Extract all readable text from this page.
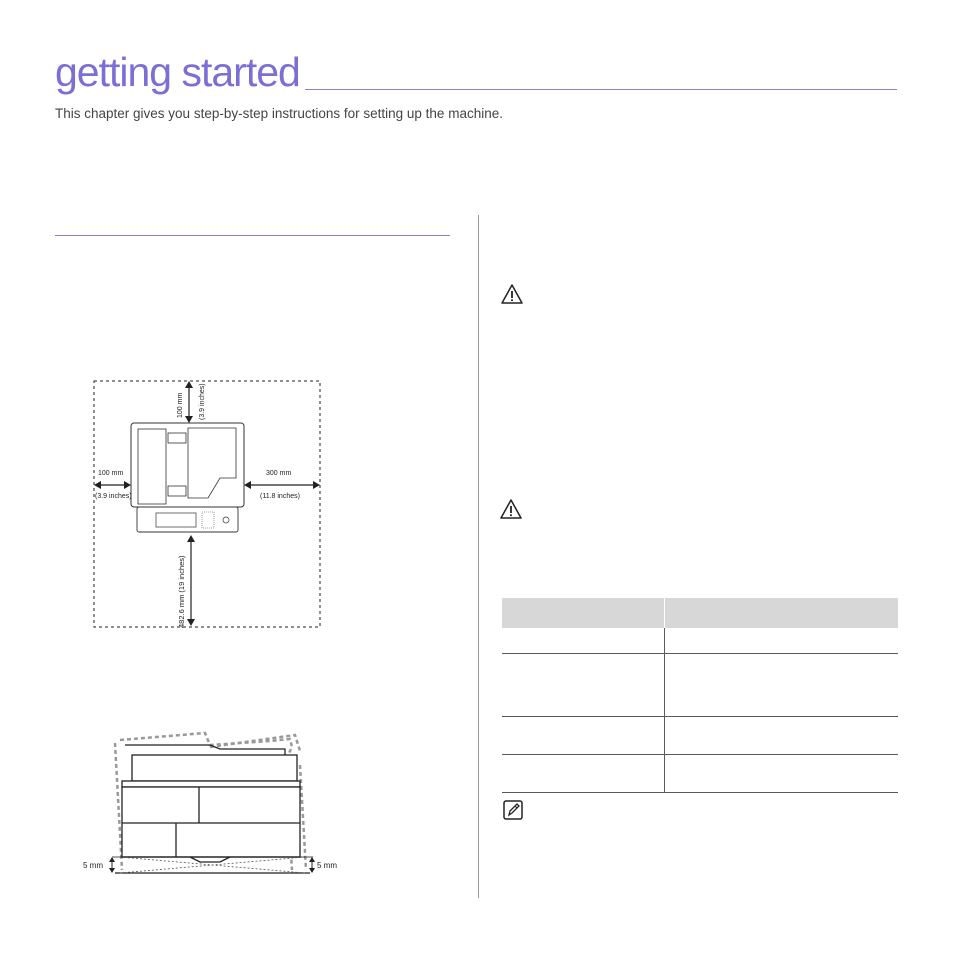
getting started
This chapter gives you step-by-step instructions for setting up the machine.
100 mm (3.9 inches)
100 mm
(3.9 inches)
300 mm
(11.8 inches)
482.6 mm (19 inches)
5 mm	5 mm
